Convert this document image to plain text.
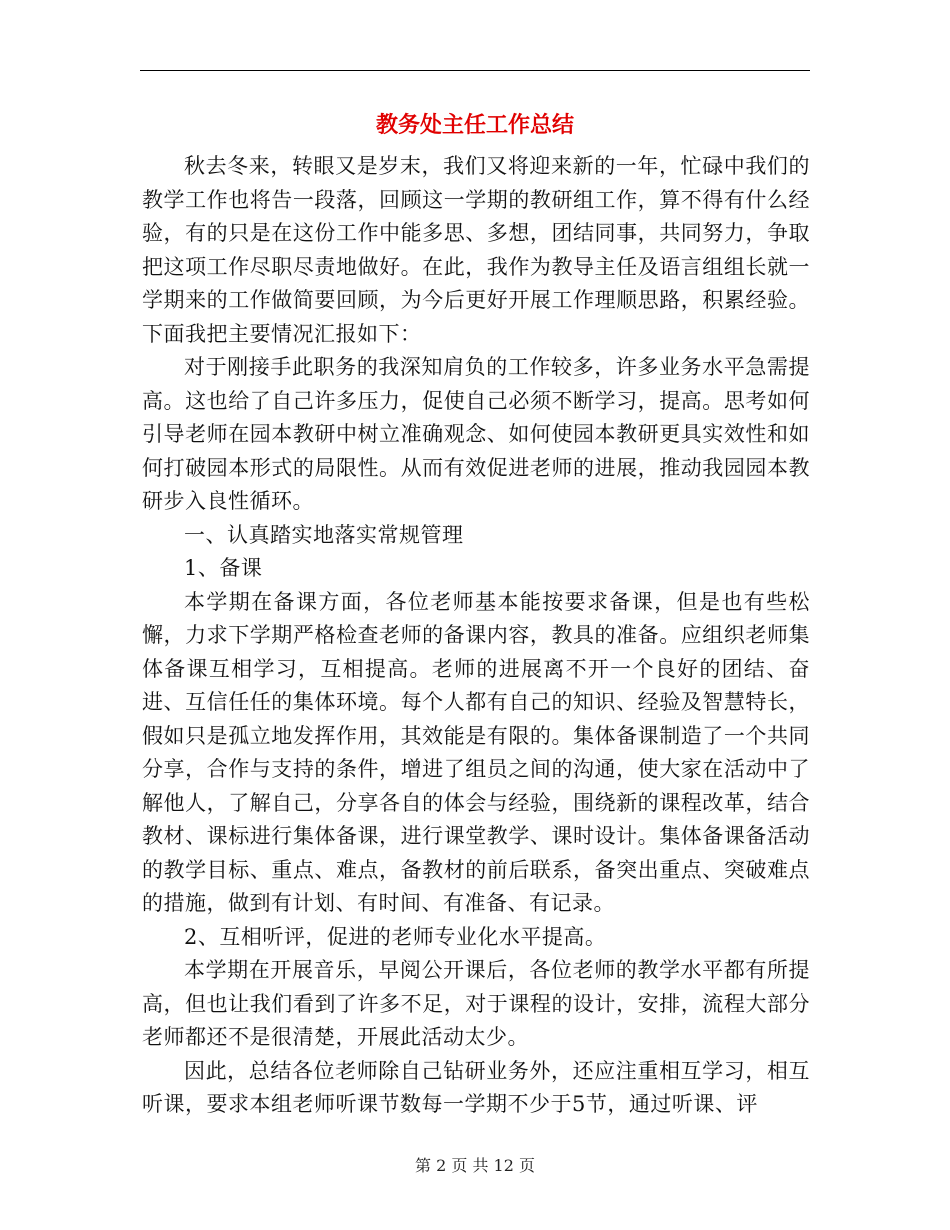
教务处主任工作总结

秋去冬来，转眼又是岁末，我们又将迎来新的一年，忙碌中我们的教学工作也将告一段落，回顾这一学期的教研组工作，算不得有什么经验，有的只是在这份工作中能多思、多想，团结同事，共同努力，争取把这项工作尽职尽责地做好。在此，我作为教导主任及语言组组长就一学期来的工作做简要回顾，为今后更好开展工作理顺思路，积累经验。下面我把主要情况汇报如下：

对于刚接手此职务的我深知肩负的工作较多，许多业务水平急需提高。这也给了自己许多压力，促使自己必须不断学习，提高。思考如何引导老师在园本教研中树立准确观念、如何使园本教研更具实效性和如何打破园本形式的局限性。从而有效促进老师的进展，推动我园园本教研步入良性循环。

一、认真踏实地落实常规管理

1、备课

本学期在备课方面，各位老师基本能按要求备课，但是也有些松懈，力求下学期严格检查老师的备课内容，教具的准备。应组织老师集体备课互相学习，互相提高。老师的进展离不开一个良好的团结、奋进、互信任任的集体环境。每个人都有自己的知识、经验及智慧特长，假如只是孤立地发挥作用，其效能是有限的。集体备课制造了一个共同分享，合作与支持的条件，增进了组员之间的沟通，使大家在活动中了解他人，了解自己，分享各自的体会与经验，围绕新的课程改革，结合教材、课标进行集体备课，进行课堂教学、课时设计。集体备课备活动的教学目标、重点、难点，备教材的前后联系，备突出重点、突破难点的措施，做到有计划、有时间、有准备、有记录。

2、互相听评，促进的老师专业化水平提高。

本学期在开展音乐，早阅公开课后，各位老师的教学水平都有所提高，但也让我们看到了许多不足，对于课程的设计，安排，流程大部分老师都还不是很清楚，开展此活动太少。

因此，总结各位老师除自己钻研业务外，还应注重相互学习，相互听课，要求本组老师听课节数每一学期不少于5节，通过听课、评

第 2 页 共 12 页
